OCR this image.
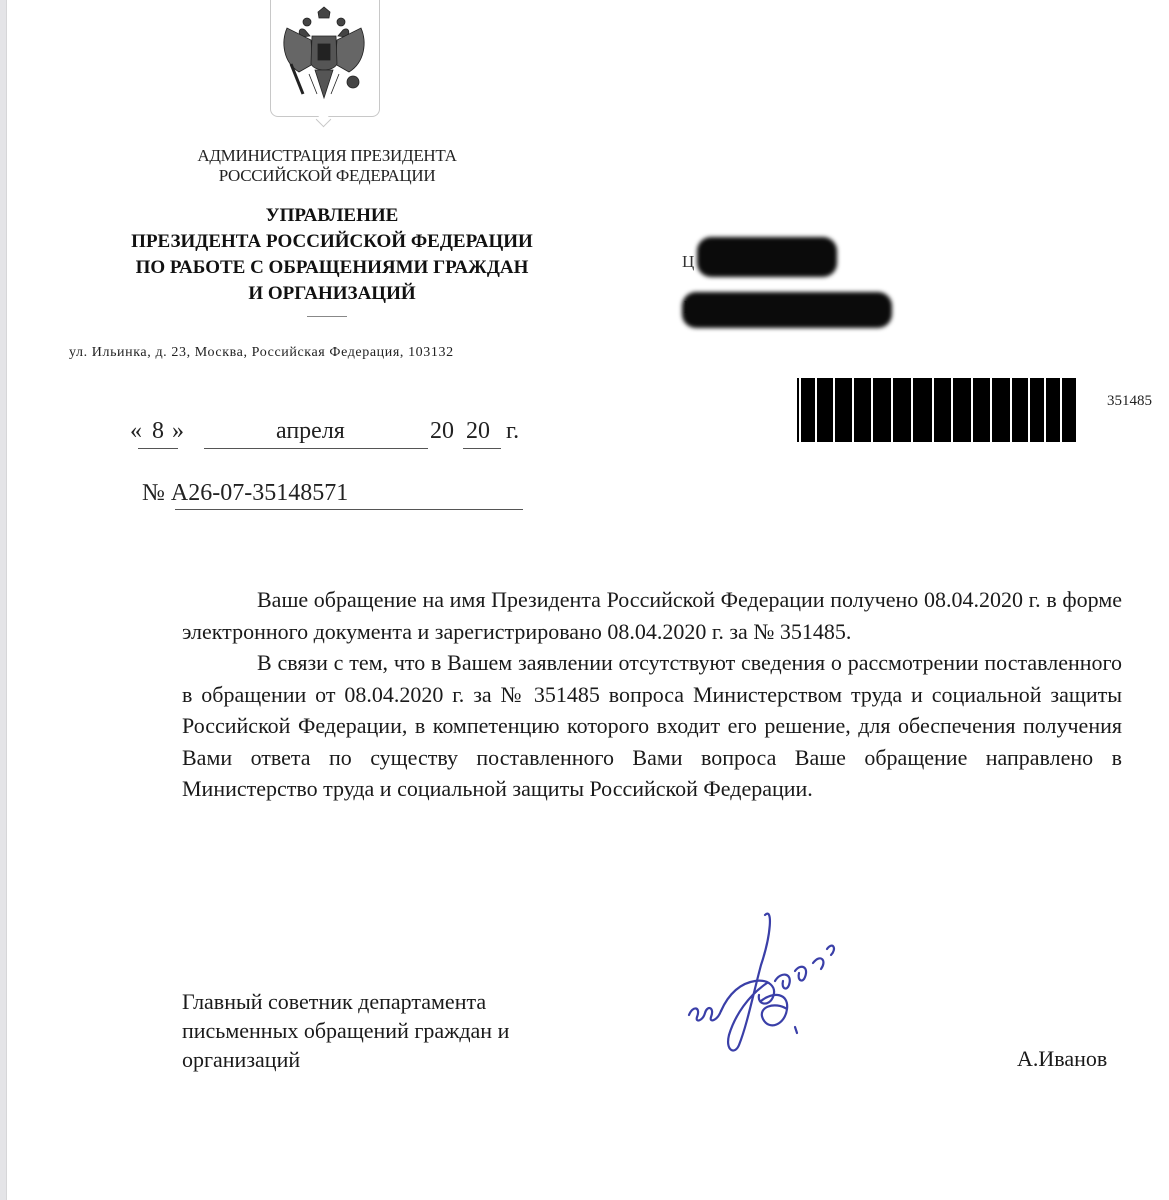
АДМИНИСТРАЦИЯ ПРЕЗИДЕНТА
РОССИЙСКОЙ ФЕДЕРАЦИИ
УПРАВЛЕНИЕ
ПРЕЗИДЕНТА РОССИЙСКОЙ ФЕДЕРАЦИИ
ПО РАБОТЕ С ОБРАЩЕНИЯМИ ГРАЖДАН
И ОРГАНИЗАЦИЙ
ул. Ильинка, д. 23, Москва, Российская Федерация, 103132
Ц
351485
« 8 »	апреля	20 20 г.
№ А26-07-35148571

Ваше обращение на имя Президента Российской Федерации получено 08.04.2020 г. в форме электронного документа и зарегистрировано 08.04.2020 г. за № 351485.

В связи с тем, что в Вашем заявлении отсутствуют сведения о рассмотрении поставленного в обращении от 08.04.2020 г. за № 351485 вопроса Министерством труда и социальной защиты Российской Федерации, в компетенцию которого входит его решение, для обеспечения получения Вами ответа по существу поставленного Вами вопроса Ваше обращение направлено в Министерство труда и социальной защиты Российской Федерации.

Главный советник департамента
письменных обращений граждан и
организаций	А.Иванов
